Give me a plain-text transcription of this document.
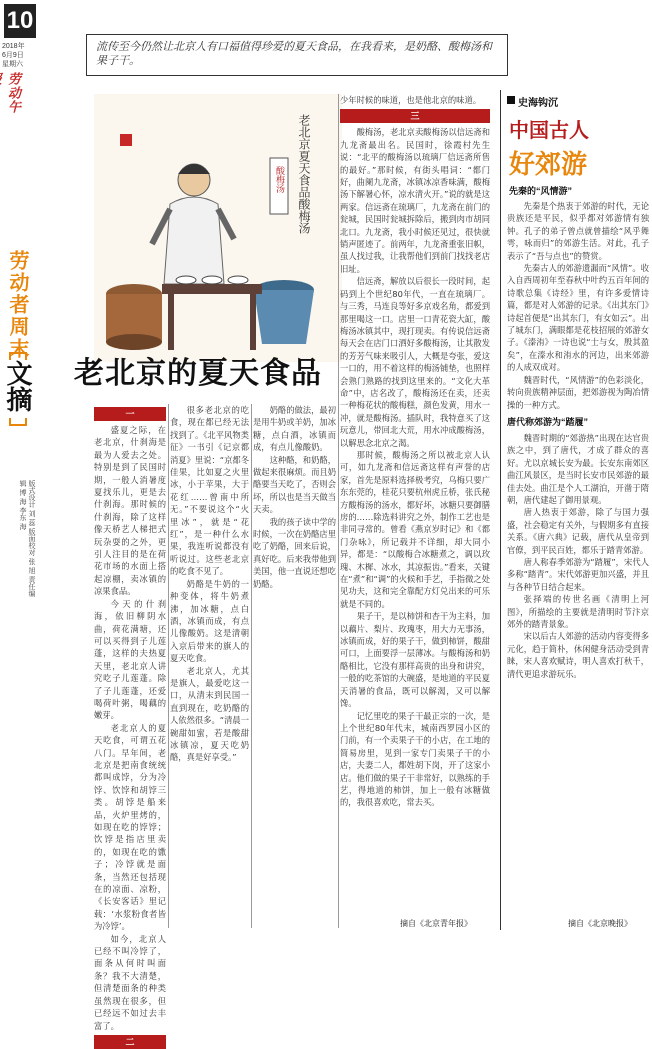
10
2018年
6月9日
星期六
劳动午
劳动者周末
文摘
版式设计 刘 蕊 版面校对 张 旭 责任编辑 博 海 李东 海
流传至今仍然让北京人有口福值得珍爱的夏天食品，在我看来，是奶酪、酸梅汤和果子干。
老北京夏天食品酸梅汤
酸梅汤
老北京的夏天食品
一

盛夏之际，在老北京，什刹海是最为人爱去之处。特别是到了民国时期，一般人消暑度夏找乐儿，更是去什刹海。那时候的什刹海，除了这样像天桥艺人梯把式玩杂耍的之外，更引人注目的是在荷花市场的水面上搭起凉棚，卖冰镇的凉果食品。

今天的什刹海，依旧柳阴水曲，荷花满塘，还可以买得到子儿莲蓬，这样的夫热夏天里，老北京人讲究吃子儿莲蓬。除了子儿莲蓬，还爱喝荷叶粥，喝藕的嫩芽。

老北京人的夏天吃食，可谓五花八门。早年间，老北京是把南食统统都叫成饽，分为冷饽、饮饽和胡饽三类。胡饽是船来品，火炉里烤的，如现在吃的饽饽；饮饽是指店里卖的，如现在吃的馓子；冷饽就是面条，当然还包括现在的凉面、凉粉，《长安客话》里记载：‘水浆粉食者皆为冷饽’。

如今，北京人已经不叫冷饽了，面条从何时叫面条？我不大清楚，但清楚面条的种类虽然现在很多，但已经远不如过去丰富了。

二

很多老北京的吃食，现在都已经无法找到了。《北平风物类征》一书引《记京都消夏》里说：“京都冬佳果，比如夏之火里冰，小于苹果，大于花红……曾南中所无。”不要说这个“火里冰”，就是“花红”，是一种什么水果，我连听说都没有听说过。这些老北京的吃食不见了。

奶酪是牛奶的一种变体，将牛奶煮沸，加冰糖，点白酒，冰镇而成，有点儿像酸奶。这是清朝入京后带来的旗人的夏天吃食。

老北京人，尤其是旗人，最爱吃这一口，从清末到民国一直到现在，吃奶酪的人依然很多。“清晨一碗甜如蜜，若是酸甜冰镇凉，夏天吃奶酪，真是好享受。”

奶酪的做法，最初是用牛奶或羊奶，加冰糖，点白酒，冰镇而成，有点儿像酸奶。

这种酪，和奶酪，做起来很麻烦。而且奶酪要当天吃了，否则会坏，所以也是当天做当天卖。

我的孩子读中学的时候，一次在奶酪店里吃了奶酪，回来后说，真好吃。后来我带他到美国，他一直说还想吃奶酪。

少年时候的味道，也是他北京的味道。

三

酸梅汤，老北京卖酸梅汤以信远斋和九龙斋最出名。民国时，徐霞村先生说：“北平的酸梅汤以琉璃厂信远斋所售的最好。”那时候，有街头唱词：“都门好，曲阑九龙斋，冰镇冰凉香味满，酸梅汤下解暑心怀，凉水清火开。”说的就是这两家。信远斋在琉璃厂，九龙斋在前门的瓮城，民国时瓮城拆除后，搬到肉市胡同北口。九龙斋，我小时候还见过，很快就销声匿迹了。前两年，九龙斋重张旧帜，虽人找过我，让我帮他们到前门找找老店旧址。

信远斋，解放以后很长一段时间，起码到上个世纪80年代，一直在琉璃厂。与三秀，马连良等好多京戏名角，都爱到那里喝这一口。店里一口青花瓷大缸，酸梅汤冰镇其中，现打现卖。有传说信远斋每天会在店门口洒好多酸梅汤，让其散发的芳芳气味来吸引人，大概是夸张，爱这一口的，用不着这样的梅汤铺垫，也照样会熟门熟路的找到这里来的。“文化大革命”中，店名改了，酸梅汤还在卖，还卖一种梅花状的酸梅糕，颜色发黄，用水一冲，就是酸梅汤。插队时，我特意买了这玩意儿，带回北大荒，用水冲成酸梅汤，以解思念北京之渴。

那时候，酸梅汤之所以被北京人认可，如九龙斋和信远斋这样有声誉的店家，首先是原料选择极考究，乌梅只要广东东莞的，桂花只要杭州虎丘桥，张氏秘方酸梅汤的汤水，都好坏，冰糖只要御膳房的……除选料讲究之外，制作工艺也是非同寻常的。曾看《燕京岁时记》和《都门杂咏》，所记载并不详细，却大同小异，都是：“以酸梅合冰糖煮之，调以玫瑰、木樨、冰水，其凉振齿。”看来，关键在“煮”和“调”的火候和手艺，手指微之处见功夫，这和完全靠配方灯兑出来的可乐就是不同的。

果子干，是以柿饼和杏干为主料，加以藕片、梨片、玫瑰枣，用大力无事汤，冰镇而成，好的果子干，做到柿饼，酸甜可口，上面要浮一层薄冰。与酸梅汤和奶酪相比，它没有那样高贵的出身和讲究，一般的吃茶馆的大碗盛，是地道的平民夏天消暑的食品，既可以解渴，又可以解馋。

记忆里吃的果子干最正宗的一次，是上个世纪80年代末，城南西罗园小区的门前，有一个卖果子干的小店，在工地的简易房里，见到一家专门卖果子干的小店，夫妻二人，都姓胡下岗，开了这家小店。他们做的果子干非常好，以熟练的手艺，得地道的柿饼，加上一般有冰糖做的，我很喜欢吃，常去买。

摘自《北京青年报》
史海钩沉
中国古人
好郊游
先秦的“风情游”

先秦是个热衷于郊游的时代，无论贵族还是平民，似乎都对郊游情有独钟。孔子的弟子曾点就曾描绘“风乎舞雩，咏而归”的郊游生活。对此，孔子表示了“吾与点也”的赞赏。

先秦古人的郊游遗漏而“风情”。收入自西周初年至春秋中叶约五百年间的诗歌总集《诗经》里，有许多爱情诗篇，都是对人郊游的记录。《出其东门》诗起首便是“出其东门，有女如云”。出了城东门，满眼都是花枝招展的郊游女子。《溱洧》一诗也说“士与女，殷其盈矣”，在溱水和洧水的河边，出来郊游的人成双成对。

魏晋时代，“风情游”的色彩淡化，转向贵族精神层面，把郊游视为陶冶情操的一种方式。

唐代称郊游为“踏履”

魏晋时期的“郊游热”出现在达官贵族之中，到了唐代，才成了群众的喜好。尤以京城长安为最。长安东南郊区曲江风景区，是当时长安市民郊游的最佳去处。曲江是个人工湖泊，开凿于隋朝，唐代建起了御用景观。

唐人热衷于郊游，除了与国力强盛，社会稳定有关外，与假期多有直接关系。《唐六典》记载，唐代从皇帝到官僚，到平民百姓，都乐于踏青郊游。

唐人称春季郊游为“踏履”，宋代人多称“踏青”。宋代郊游更加兴盛，并且与各种节日结合起来。

张择端的传世名画《清明上河图》，所描绘的主要就是清明时节汴京郊外的踏青景象。

宋以后古人郊游的活动内容变得多元化，趋于简朴，休闲健身活动受到青睐，宋人喜欢赋诗，明人喜欢打秋千，清代更追求游玩乐。

摘自《北京晚报》
